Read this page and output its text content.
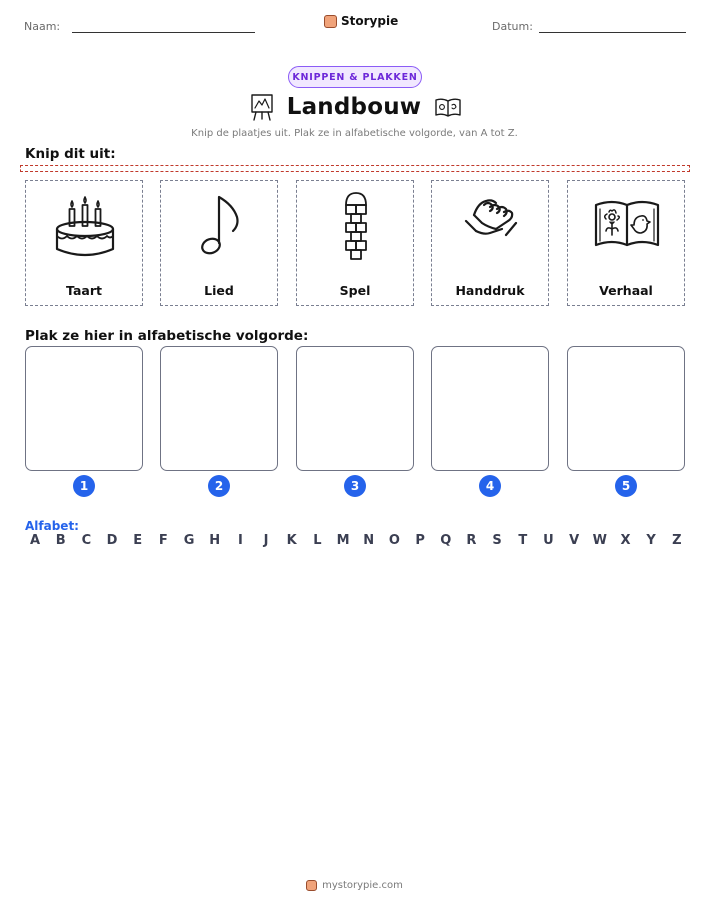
Naam:	Storypie	Datum:
KNIPPEN & PLAKKEN
Landbouw
Knip de plaatjes uit. Plak ze in alfabetische volgorde, van A tot Z.
Knip dit uit:
Taart	Lied	Spel	Handdruk	Verhaal
Plak ze hier in alfabetische volgorde:
1	2	3	4	5
Alfabet:
A	B	C	D	E	F	G H	I	J	K	L	M N O	P	Q	R	S	T	U	V	W	X	Y	Z
mystorypie.com
